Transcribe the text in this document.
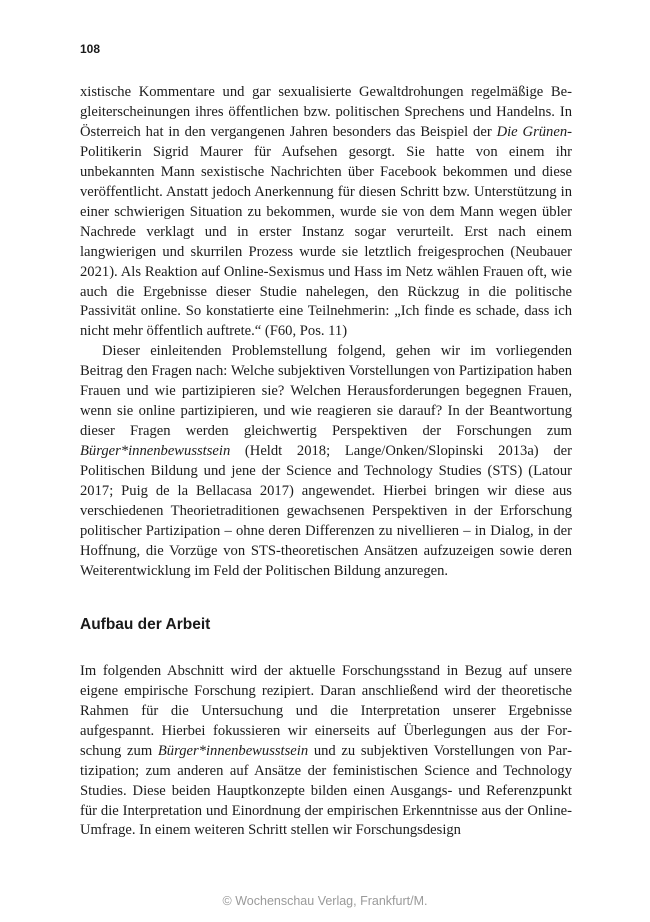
108

xistische Kommentare und gar sexualisierte Gewaltdrohungen regelmäßige Begleiterscheinungen ihres öffentlichen bzw. politischen Sprechens und Handelns. In Österreich hat in den vergangenen Jahren besonders das Beispiel der Die Grünen-Politikerin Sigrid Maurer für Aufsehen gesorgt. Sie hatte von einem ihr unbekannten Mann sexistische Nachrichten über Facebook bekommen und diese veröffentlicht. Anstatt jedoch Anerkennung für diesen Schritt bzw. Unterstützung in einer schwierigen Situation zu bekommen, wurde sie von dem Mann wegen übler Nachrede verklagt und in erster Instanz sogar verurteilt. Erst nach einem langwierigen und skurrilen Prozess wurde sie letztlich freigesprochen (Neubauer 2021). Als Reaktion auf Online-Sexismus und Hass im Netz wählen Frauen oft, wie auch die Ergebnisse dieser Studie nahelegen, den Rückzug in die politische Passivität online. So konstatierte eine Teilnehmerin: „Ich finde es schade, dass ich nicht mehr öffentlich auftrete.“ (F60, Pos. 11)

Dieser einleitenden Problemstellung folgend, gehen wir im vorliegenden Beitrag den Fragen nach: Welche subjektiven Vorstellungen von Partizipation haben Frauen und wie partizipieren sie? Welchen Herausforderungen begegnen Frauen, wenn sie online partizipieren, und wie reagieren sie darauf? In der Beantwortung dieser Fragen werden gleichwertig Perspektiven der Forschungen zum Bürger*innenbewusstsein (Heldt 2018; Lange/Onken/Slopinski 2013a) der Politischen Bildung und jene der Science and Technology Studies (STS) (Latour 2017; Puig de la Bellacasa 2017) angewendet. Hierbei bringen wir diese aus verschiedenen Theorietraditionen gewachsenen Perspektiven in der Erforschung politischer Partizipation – ohne deren Differenzen zu nivellieren – in Dialog, in der Hoffnung, die Vorzüge von STS-theoretischen Ansätzen aufzuzeigen sowie deren Weiterentwicklung im Feld der Politischen Bildung anzuregen.

Aufbau der Arbeit

Im folgenden Abschnitt wird der aktuelle Forschungsstand in Bezug auf unsere eigene empirische Forschung rezipiert. Daran anschließend wird der theoretische Rahmen für die Untersuchung und die Interpretation unserer Ergebnisse aufgespannt. Hierbei fokussieren wir einerseits auf Überlegungen aus der Forschung zum Bürger*innenbewusstsein und zu subjektiven Vorstellungen von Partizipation; zum anderen auf Ansätze der feministischen Science and Technology Studies. Diese beiden Hauptkonzepte bilden einen Ausgangs- und Referenzpunkt für die Interpretation und Einordnung der empirischen Erkenntnisse aus der Online-Umfrage. In einem weiteren Schritt stellen wir Forschungsdesign

© Wochenschau Verlag, Frankfurt/M.
